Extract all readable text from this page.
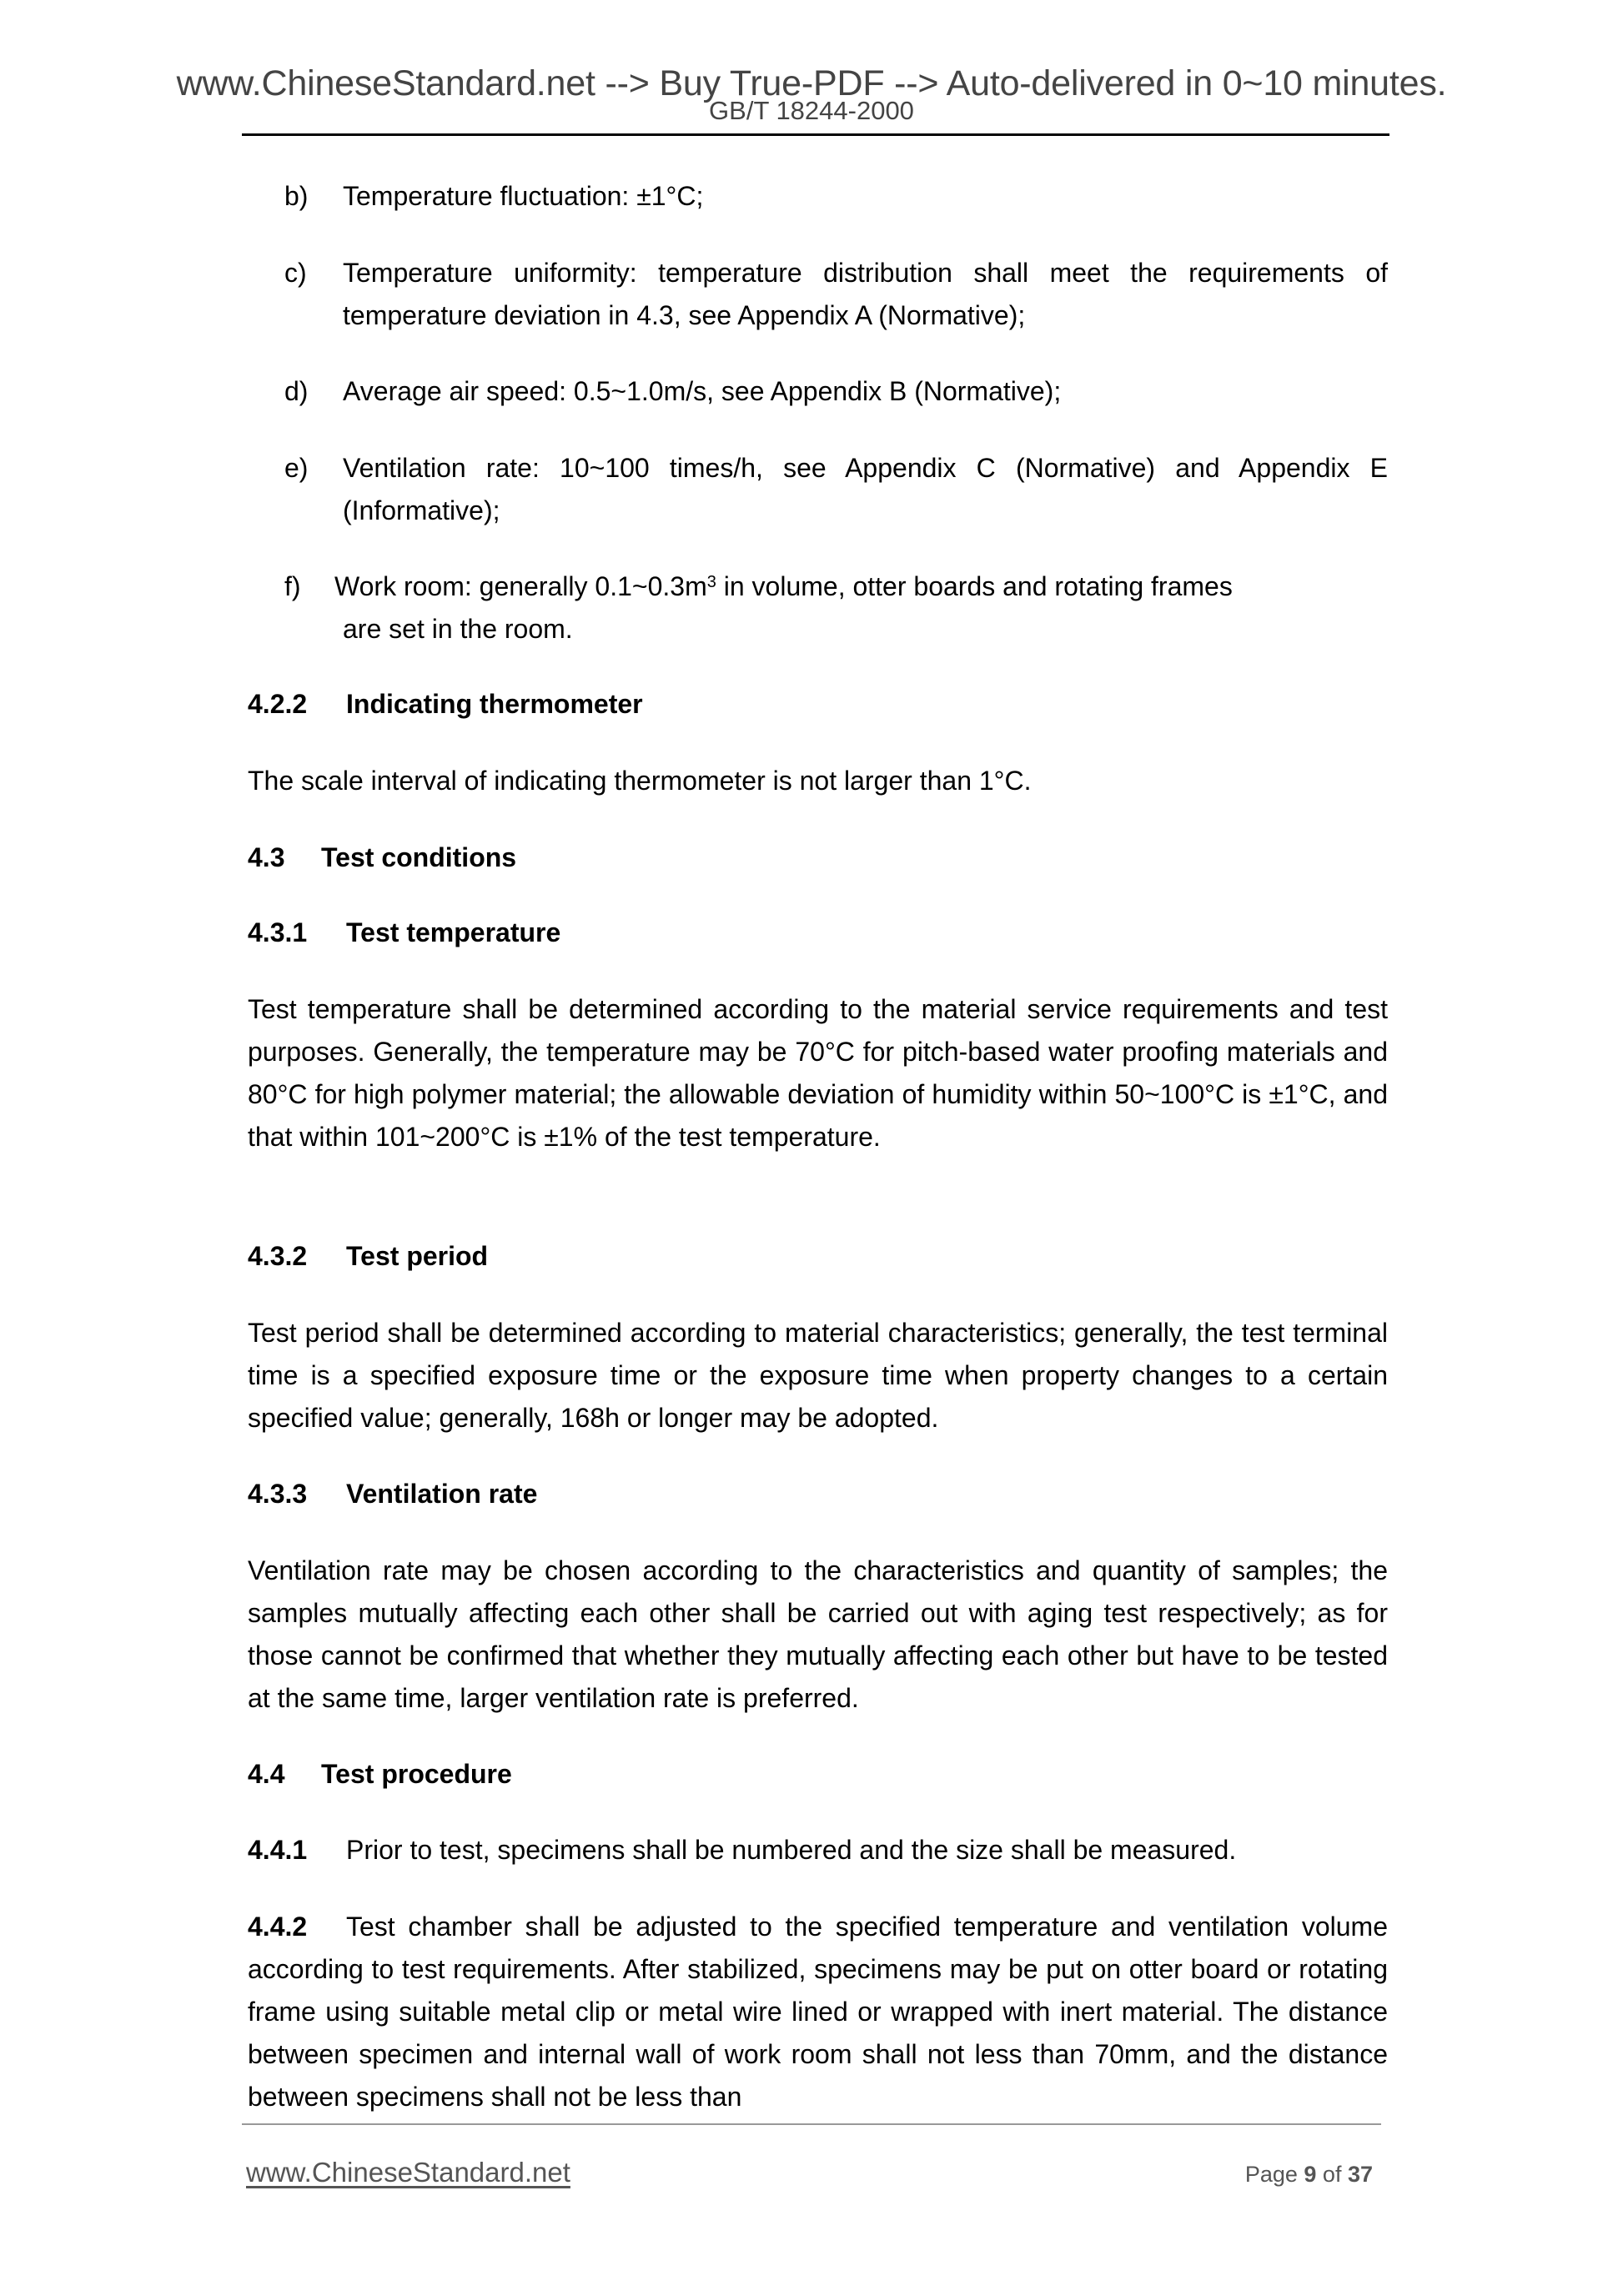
www.ChineseStandard.net --> Buy True-PDF --> Auto-delivered in 0~10 minutes.
GB/T 18244-2000
b) Temperature fluctuation: ±1°C;
c) Temperature uniformity: temperature distribution shall meet the requirements of temperature deviation in 4.3, see Appendix A (Normative);
d) Average air speed: 0.5~1.0m/s, see Appendix B (Normative);
e) Ventilation rate: 10~100 times/h, see Appendix C (Normative) and Appendix E (Informative);
f) Work room: generally $0.1\sim 0.3m^3$ in volume, otter boards and rotating frames
are set in the room.
4.2.2 Indicating thermometer
The scale interval of indicating thermometer is not larger than 1°C.
4.3 Test conditions
4.3.1 Test temperature
Test temperature shall be determined according to the material service requirements and test purposes. Generally, the temperature may be 70°C for pitch-based water proofing materials and 80°C for high polymer material; the allowable deviation of humidity within 50~100°C is ±1°C, and that within 101~200°C is ±1% of the test temperature.
4.3.2 Test period
Test period shall be determined according to material characteristics; generally, the test terminal time is a specified exposure time or the exposure time when property changes to a certain specified value; generally, 168h or longer may be adopted.
4.3.3 Ventilation rate
Ventilation rate may be chosen according to the characteristics and quantity of samples; the samples mutually affecting each other shall be carried out with aging test respectively; as for those cannot be confirmed that whether they mutually affecting each other but have to be tested at the same time, larger ventilation rate is preferred.
4.4 Test procedure
4.4.1 Prior to test, specimens shall be numbered and the size shall be measured.
4.4.2 Test chamber shall be adjusted to the specified temperature and ventilation volume according to test requirements. After stabilized, specimens may be put on otter board or rotating frame using suitable metal clip or metal wire lined or wrapped with inert material. The distance between specimen and internal wall of work room shall not less than 70mm, and the distance between specimens shall not be less than
www.ChineseStandard.net	Page 9 of 37
